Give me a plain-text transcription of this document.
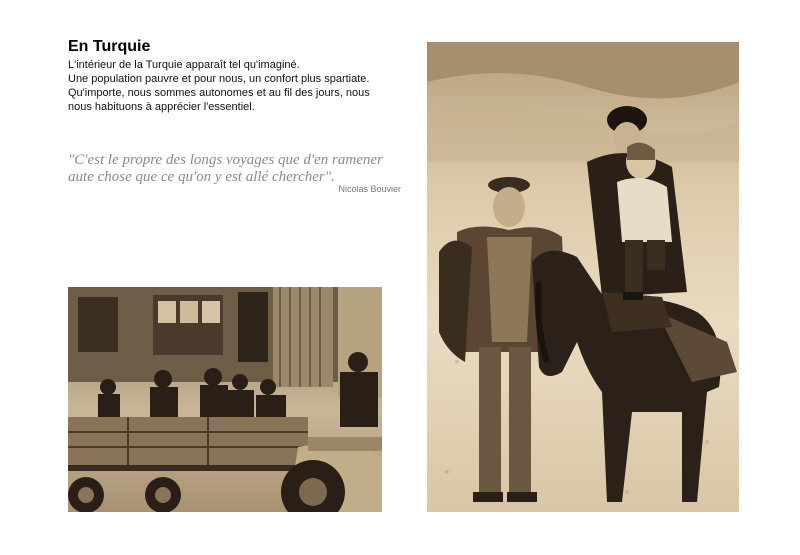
En Turquie
L'intérieur de la Turquie apparaît tel qu'imaginé.
Une population pauvre et pour nous, un confort plus spartiate.
Qu'importe, nous sommes autonomes et au fil des jours, nous
nous habituons à apprécier l'essentiel.
"C'est le propre des longs voyages que d'en ramener
aute chose que ce qu'on y est allé chercher".
Nicolas Bouvier
